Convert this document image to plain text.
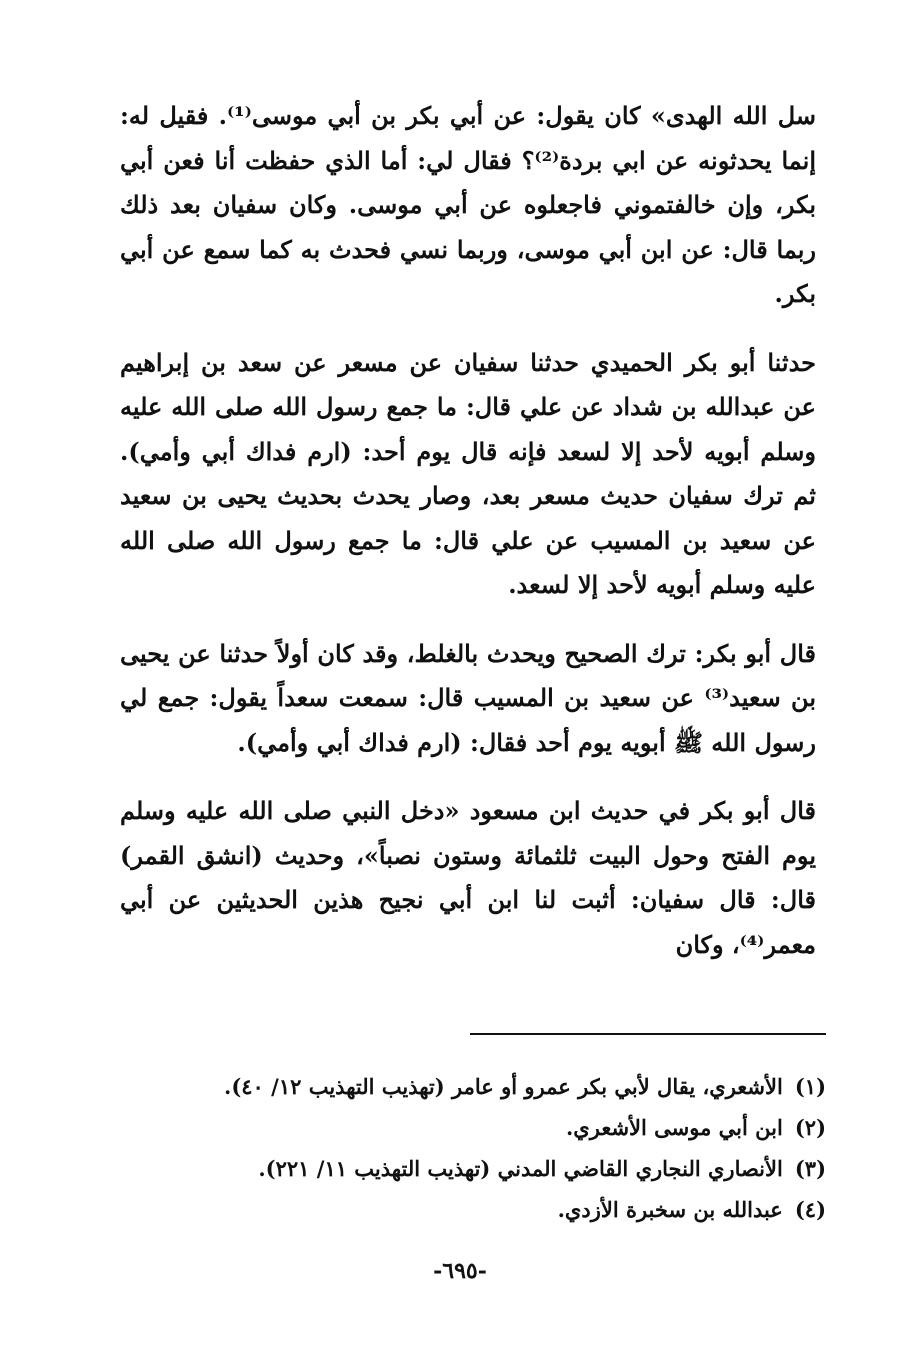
سل الله الهدى» كان يقول: عن أبي بكر بن أبي موسى⁽¹⁾. فقيل له: إنما يحدثونه عن ابي بردة⁽²⁾؟ فقال لي: أما الذي حفظت أنا فعن أبي بكر، وإن خالفتموني فاجعلوه عن أبي موسى. وكان سفيان بعد ذلك ربما قال: عن ابن أبي موسى، وربما نسي فحدث به كما سمع عن أبي بكر.

حدثنا أبو بكر الحميدي حدثنا سفيان عن مسعر عن سعد بن إبراهيم عن عبدالله بن شداد عن علي قال: ما جمع رسول الله صلى الله عليه وسلم أبويه لأحد إلا لسعد فإنه قال يوم أحد: (ارم فداك أبي وأمي). ثم ترك سفيان حديث مسعر بعد، وصار يحدث بحديث يحيى بن سعيد عن سعيد بن المسيب عن علي قال: ما جمع رسول الله صلى الله عليه وسلم أبويه لأحد إلا لسعد.

قال أبو بكر: ترك الصحيح ويحدث بالغلط، وقد كان أولاً حدثنا عن يحيى بن سعيد⁽³⁾ عن سعيد بن المسيب قال: سمعت سعداً يقول: جمع لي رسول الله ﷺ أبويه يوم أحد فقال: (ارم فداك أبي وأمي).

قال أبو بكر في حديث ابن مسعود «دخل النبي صلى الله عليه وسلم يوم الفتح وحول البيت ثلثمائة وستون نصباً»، وحديث (انشق القمر) قال: قال سفيان: أثبت لنا ابن أبي نجيح هذين الحديثين عن أبي معمر⁽⁴⁾، وكان

(١)الأشعري، يقال لأبي بكر عمرو أو عامر (تهذيب التهذيب ١٢/ ٤٠).
(٢)ابن أبي موسى الأشعري.
(٣)الأنصاري النجاري القاضي المدني (تهذيب التهذيب ١١/ ٢٢١).
(٤)عبدالله بن سخبرة الأزدي.
-٦٩٥-
